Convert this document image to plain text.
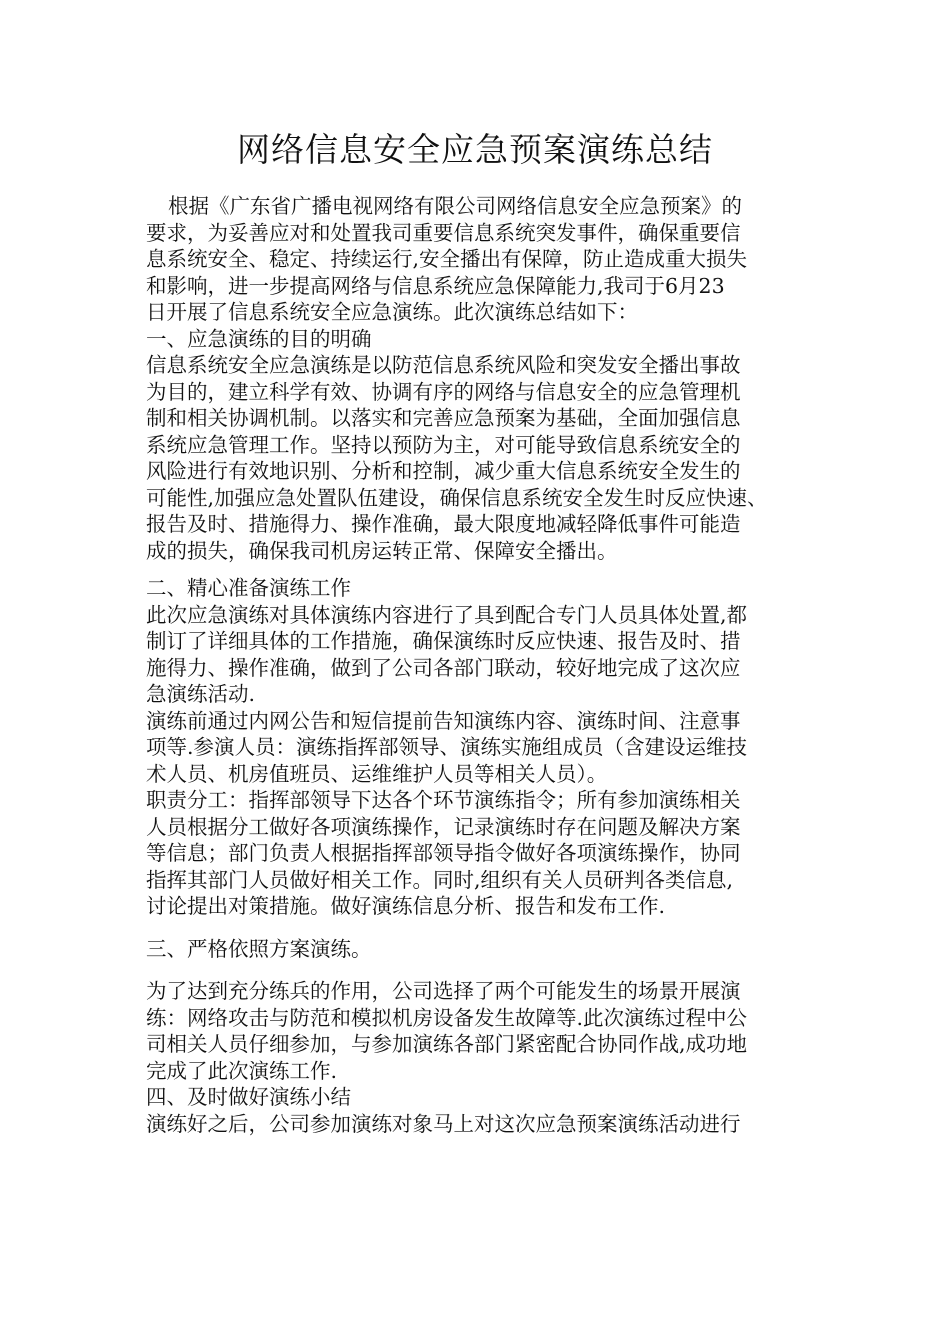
网络信息安全应急预案演练总结
根据《广东省广播电视网络有限公司网络信息安全应急预案》的
要求，为妥善应对和处置我司重要信息系统突发事件，确保重要信
息系统安全、稳定、持续运行,安全播出有保障，防止造成重大损失
和影响，进一步提高网络与信息系统应急保障能力,我司于6月23
日开展了信息系统安全应急演练。此次演练总结如下：
一、应急演练的目的明确
信息系统安全应急演练是以防范信息系统风险和突发安全播出事故
为目的，建立科学有效、协调有序的网络与信息安全的应急管理机
制和相关协调机制。以落实和完善应急预案为基础，全面加强信息
系统应急管理工作。坚持以预防为主，对可能导致信息系统安全的
风险进行有效地识别、分析和控制，减少重大信息系统安全发生的
可能性,加强应急处置队伍建设，确保信息系统安全发生时反应快速、
报告及时、措施得力、操作准确，最大限度地减轻降低事件可能造
成的损失，确保我司机房运转正常、保障安全播出。
二、精心准备演练工作
此次应急演练对具体演练内容进行了具到配合专门人员具体处置,都
制订了详细具体的工作措施，确保演练时反应快速、报告及时、措
施得力、操作准确，做到了公司各部门联动，较好地完成了这次应
急演练活动.
演练前通过内网公告和短信提前告知演练内容、演练时间、注意事
项等.参演人员：演练指挥部领导、演练实施组成员（含建设运维技
术人员、机房值班员、运维维护人员等相关人员）。
职责分工：指挥部领导下达各个环节演练指令；所有参加演练相关
人员根据分工做好各项演练操作，记录演练时存在问题及解决方案
等信息；部门负责人根据指挥部领导指令做好各项演练操作，协同
指挥其部门人员做好相关工作。同时,组织有关人员研判各类信息,
讨论提出对策措施。做好演练信息分析、报告和发布工作.
三、严格依照方案演练。
为了达到充分练兵的作用，公司选择了两个可能发生的场景开展演
练：网络攻击与防范和模拟机房设备发生故障等.此次演练过程中公
司相关人员仔细参加，与参加演练各部门紧密配合协同作战,成功地
完成了此次演练工作.
四、及时做好演练小结
演练好之后，公司参加演练对象马上对这次应急预案演练活动进行
